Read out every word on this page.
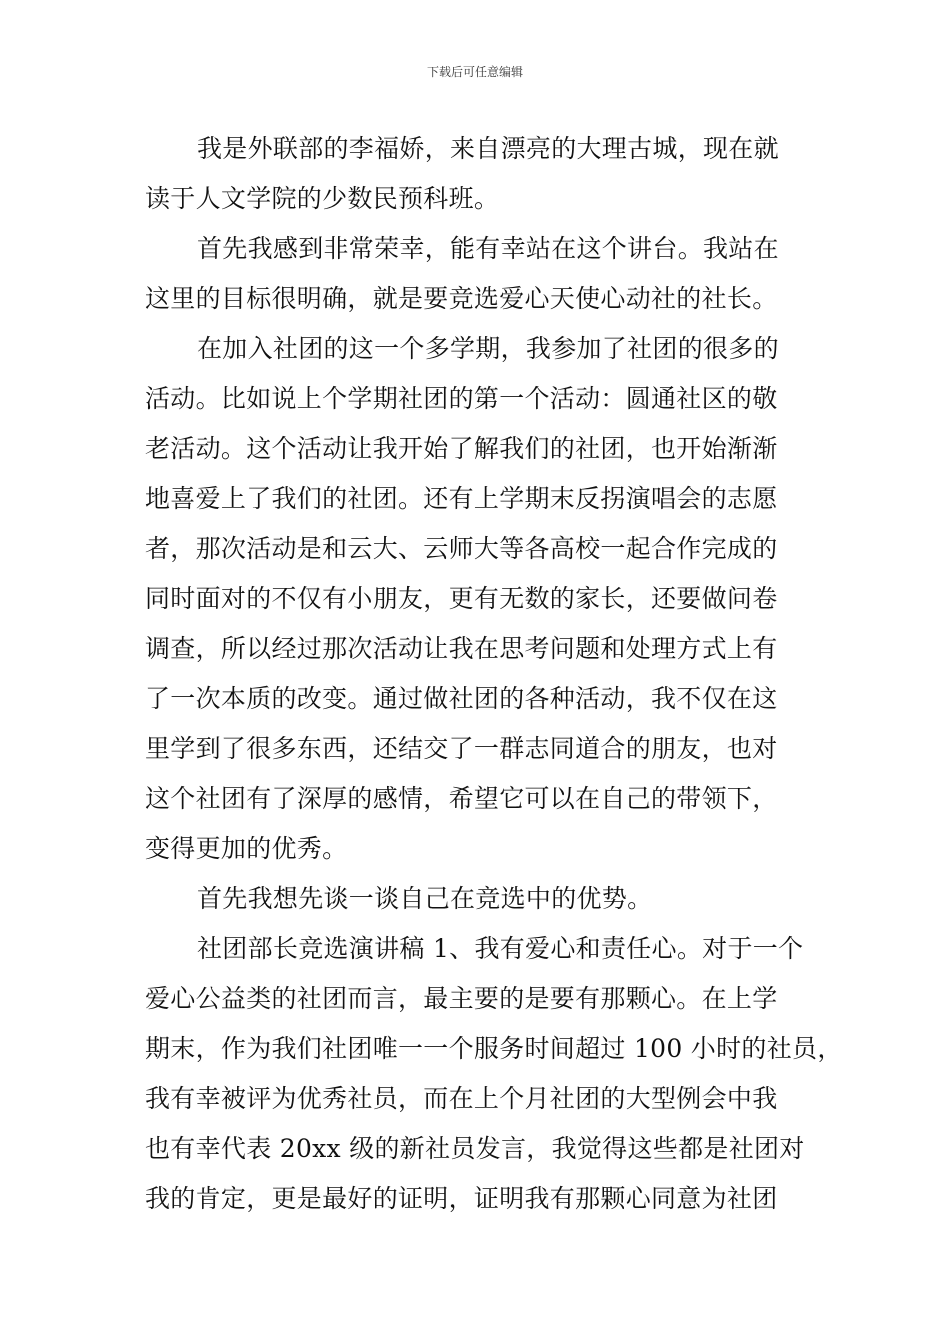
下载后可任意编辑
我是外联部的李福娇，来自漂亮的大理古城，现在就
读于人文学院的少数民预科班。
首先我感到非常荣幸，能有幸站在这个讲台。我站在
这里的目标很明确，就是要竞选爱心天使心动社的社长。
在加入社团的这一个多学期，我参加了社团的很多的
活动。比如说上个学期社团的第一个活动：圆通社区的敬
老活动。这个活动让我开始了解我们的社团，也开始渐渐
地喜爱上了我们的社团。还有上学期末反拐演唱会的志愿
者，那次活动是和云大、云师大等各高校一起合作完成的
同时面对的不仅有小朋友，更有无数的家长，还要做问卷
调查，所以经过那次活动让我在思考问题和处理方式上有
了一次本质的改变。通过做社团的各种活动，我不仅在这
里学到了很多东西，还结交了一群志同道合的朋友，也对
这个社团有了深厚的感情，希望它可以在自己的带领下，
变得更加的优秀。
首先我想先谈一谈自己在竞选中的优势。
社团部长竞选演讲稿 1、我有爱心和责任心。对于一个
爱心公益类的社团而言，最主要的是要有那颗心。在上学
期末，作为我们社团唯一一个服务时间超过 100 小时的社员，
我有幸被评为优秀社员，而在上个月社团的大型例会中我
也有幸代表 20xx 级的新社员发言，我觉得这些都是社团对
我的肯定，更是最好的证明，证明我有那颗心同意为社团
